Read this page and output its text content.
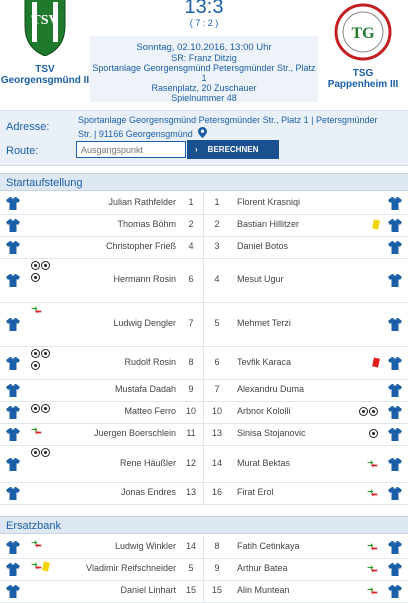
TSV
TSV
Georgensgmünd II
13:3
( 7 : 2 )
Sonntag, 02.10.2016, 13:00 Uhr
SR: Franz Ditzig
Sportanlage Georgensgmünd Petersgmünder Str., Platz 1
Rasenplatz, 20 Zuschauer
Spielnummer 48
TG
TSG
Pappenheim III
Adresse:
Sportanlage Georgensgmünd Petersgmünder Str., Platz 1 | Petersgmünder
Str. | 91166 Georgensgmünd
Route:
Ausgangspunkt	› BERECHNEN
Startaufstellung
Julian Rathfelder	1	1	Florent Krasniqi
Thomas Böhm	2	2	Bastian Hillitzer
Christopher Frieß	4	3	Daniel Botos
Hermann Rosin	6	4	Mesut Ugur
➜
⬅
Ludwig Dengler	7	5	Mehmet Terzi
Rudolf Rosin	8	6	Tevfik Karaca
Mustafa Dadah	9	7	Alexandru Duma
Matteo Ferro	10	10	Arbnor Kololli
➜
⬅	Juergen Boerschlein	11	13	Sinisa Stojanovic
Rene Häußler	12	14	Murat Bektas	➜
⬅
Jonas Endres	13	16	Firat Erol	➜
⬅
Ersatzbank
➜
⬅	Ludwig Winkler	14	8	Fatih Cetinkaya	➜
⬅
➜
⬅	Vladimir Reifschneider	5	9	Arthur Batea	➜
⬅
Daniel Linhart	15	15	Alin Muntean	➜
⬅
